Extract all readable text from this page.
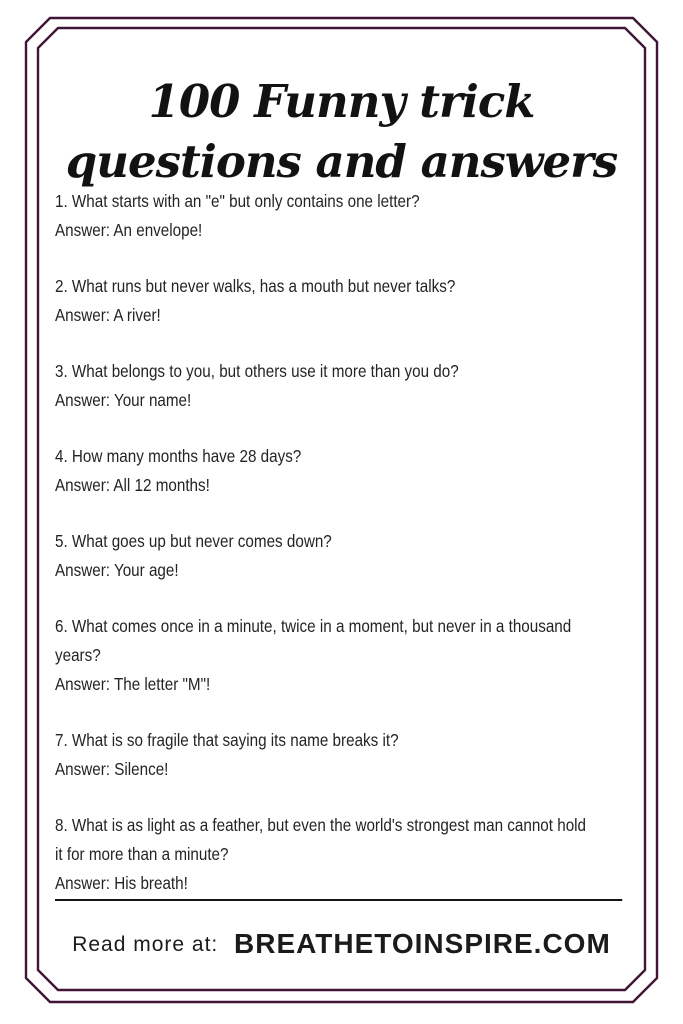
100 Funny trick
questions and answers

1. What starts with an "e" but only contains one letter?

Answer: An envelope!

2. What runs but never walks, has a mouth but never talks?

Answer: A river!

3. What belongs to you, but others use it more than you do?

Answer: Your name!

4. How many months have 28 days?

Answer: All 12 months!

5. What goes up but never comes down?

Answer: Your age!

6. What comes once in a minute, twice in a moment, but never in a thousand

years?

Answer: The letter "M"!

7. What is so fragile that saying its name breaks it?

Answer: Silence!

8. What is as light as a feather, but even the world's strongest man cannot hold

it for more than a minute?

Answer: His breath!

Read more at: BREATHETOINSPIRE.COM
